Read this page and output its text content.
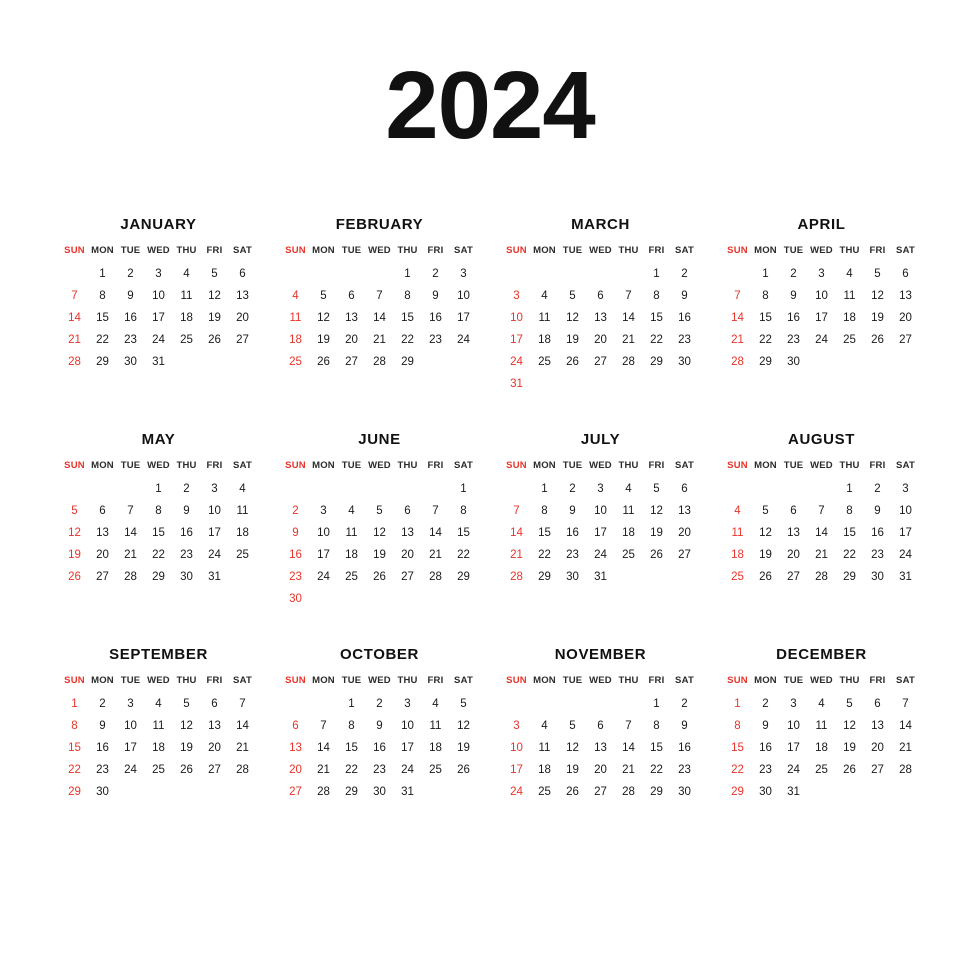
2024
JANUARY
SUN	MON	TUE	WED	THU	FRI	SAT
	1	2	3	4	5	6
7	8	9	10	11	12	13
14	15	16	17	18	19	20
21	22	23	24	25	26	27
28	29	30	31			
FEBRUARY
SUN	MON	TUE	WED	THU	FRI	SAT
				1	2	3
4	5	6	7	8	9	10
11	12	13	14	15	16	17
18	19	20	21	22	23	24
25	26	27	28	29		
MARCH
SUN	MON	TUE	WED	THU	FRI	SAT
					1	2
3	4	5	6	7	8	9
10	11	12	13	14	15	16
17	18	19	20	21	22	23
24	25	26	27	28	29	30
31						
APRIL
SUN	MON	TUE	WED	THU	FRI	SAT
	1	2	3	4	5	6
7	8	9	10	11	12	13
14	15	16	17	18	19	20
21	22	23	24	25	26	27
28	29	30				
MAY
SUN	MON	TUE	WED	THU	FRI	SAT
			1	2	3	4
5	6	7	8	9	10	11
12	13	14	15	16	17	18
19	20	21	22	23	24	25
26	27	28	29	30	31	
JUNE
SUN	MON	TUE	WED	THU	FRI	SAT
						1
2	3	4	5	6	7	8
9	10	11	12	13	14	15
16	17	18	19	20	21	22
23	24	25	26	27	28	29
30						
JULY
SUN	MON	TUE	WED	THU	FRI	SAT
	1	2	3	4	5	6
7	8	9	10	11	12	13
14	15	16	17	18	19	20
21	22	23	24	25	26	27
28	29	30	31			
AUGUST
SUN	MON	TUE	WED	THU	FRI	SAT
				1	2	3
4	5	6	7	8	9	10
11	12	13	14	15	16	17
18	19	20	21	22	23	24
25	26	27	28	29	30	31
SEPTEMBER
SUN	MON	TUE	WED	THU	FRI	SAT
1	2	3	4	5	6	7
8	9	10	11	12	13	14
15	16	17	18	19	20	21
22	23	24	25	26	27	28
29	30					
OCTOBER
SUN	MON	TUE	WED	THU	FRI	SAT
		1	2	3	4	5
6	7	8	9	10	11	12
13	14	15	16	17	18	19
20	21	22	23	24	25	26
27	28	29	30	31		
NOVEMBER
SUN	MON	TUE	WED	THU	FRI	SAT
					1	2
3	4	5	6	7	8	9
10	11	12	13	14	15	16
17	18	19	20	21	22	23
24	25	26	27	28	29	30
DECEMBER
SUN	MON	TUE	WED	THU	FRI	SAT
1	2	3	4	5	6	7
8	9	10	11	12	13	14
15	16	17	18	19	20	21
22	23	24	25	26	27	28
29	30	31				
